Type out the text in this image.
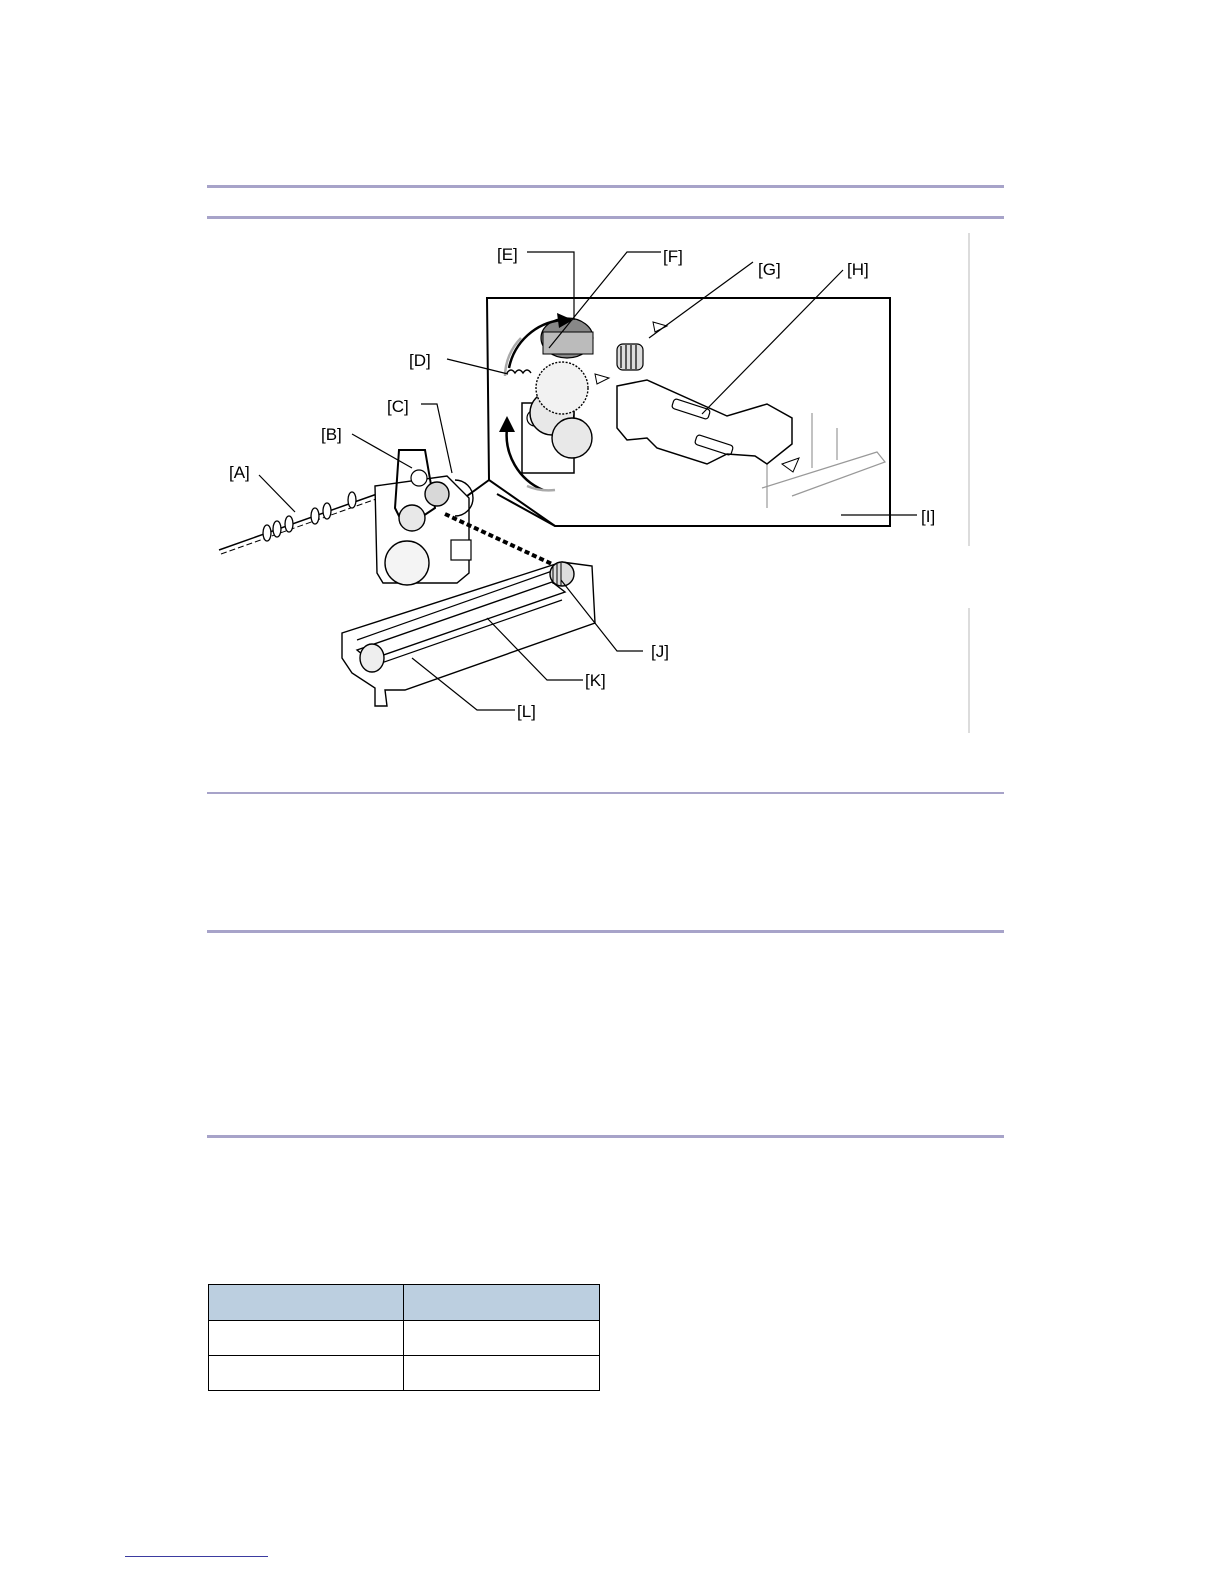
[E]	[F]
[G]	[H]
[D]
[C]
[B]
[A]
[I]
[J]
[K]
[L]
